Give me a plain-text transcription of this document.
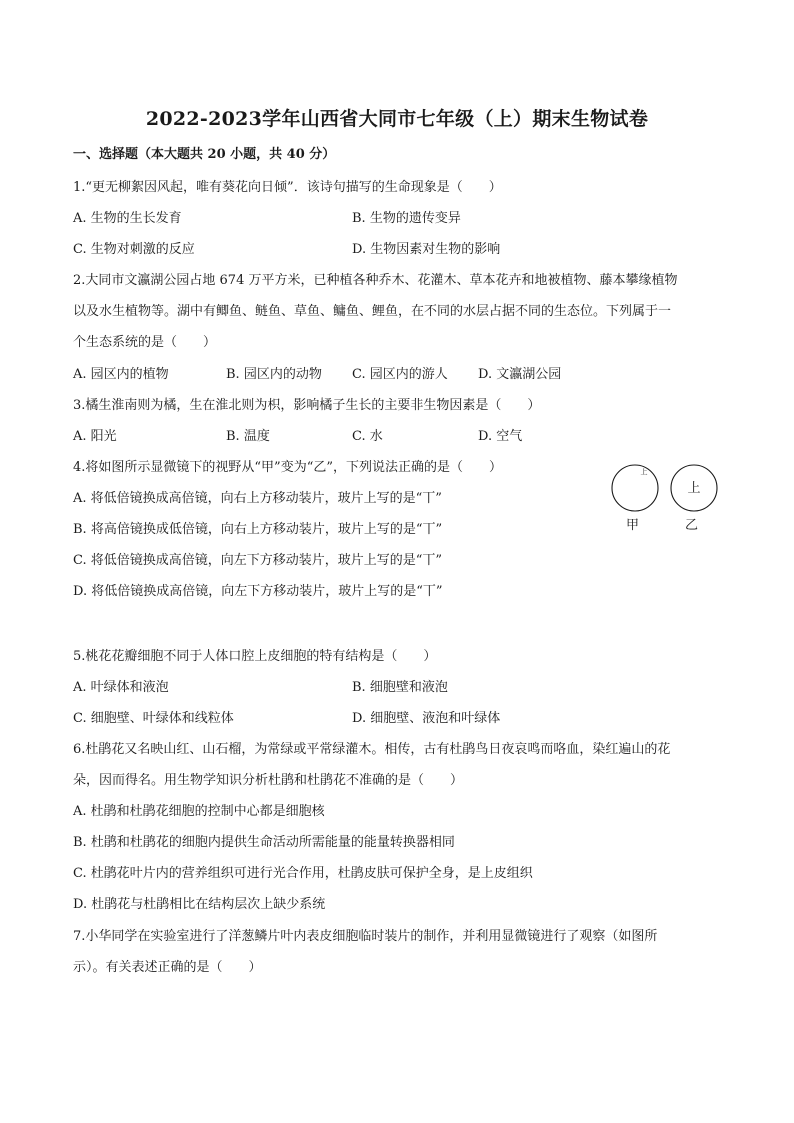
2022-2023学年山西省大同市七年级（上）期末生物试卷
一、选择题（本大题共 20 小题，共 40 分）
1.“更无柳絮因风起，唯有葵花向日倾”．该诗句描写的生命现象是（　　）
A. 生物的生长发育	B. 生物的遗传变异
C. 生物对刺激的反应	D. 生物因素对生物的影响
2.大同市文瀛湖公园占地 674 万平方米，已种植各种乔木、花灌木、草本花卉和地被植物、藤本攀缘植物
以及水生植物等。湖中有鲫鱼、鲢鱼、草鱼、鳙鱼、鲤鱼，在不同的水层占据不同的生态位。下列属于一
个生态系统的是（　　）
A. 园区内的植物	B. 园区内的动物 C. 园区内的游人 D. 文瀛湖公园
3.橘生淮南则为橘，生在淮北则为枳，影响橘子生长的主要非生物因素是（　　）
A. 阳光	B. 温度	C. 水	D. 空气
4.将如图所示显微镜下的视野从“甲”变为“乙”，下列说法正确的是（　　）
A. 将低倍镜换成高倍镜，向右上方移动装片，玻片上写的是“丅”
B. 将高倍镜换成低倍镜，向右上方移动装片，玻片上写的是“丅”
C. 将低倍镜换成高倍镜，向左下方移动装片，玻片上写的是“丅”
D. 将低倍镜换成高倍镜，向左下方移动装片，玻片上写的是“丅”
上
上
甲	乙
5.桃花花瓣细胞不同于人体口腔上皮细胞的特有结构是（　　）
A. 叶绿体和液泡	B. 细胞壁和液泡
C. 细胞壁、叶绿体和线粒体	D. 细胞壁、液泡和叶绿体
6.杜鹃花又名映山红、山石榴，为常绿或平常绿灌木。相传，古有杜鹃鸟日夜哀鸣而咯血，染红遍山的花
朵，因而得名。用生物学知识分析杜鹃和杜鹃花不准确的是（　　）
A. 杜鹃和杜鹃花细胞的控制中心都是细胞核
B. 杜鹃和杜鹃花的细胞内提供生命活动所需能量的能量转换器相同
C. 杜鹃花叶片内的营养组织可进行光合作用，杜鹃皮肤可保护全身，是上皮组织
D. 杜鹃花与杜鹃相比在结构层次上缺少系统
7.小华同学在实验室进行了洋葱鳞片叶内表皮细胞临时装片的制作，并利用显微镜进行了观察（如图所
示）。有关表述正确的是（　　）
